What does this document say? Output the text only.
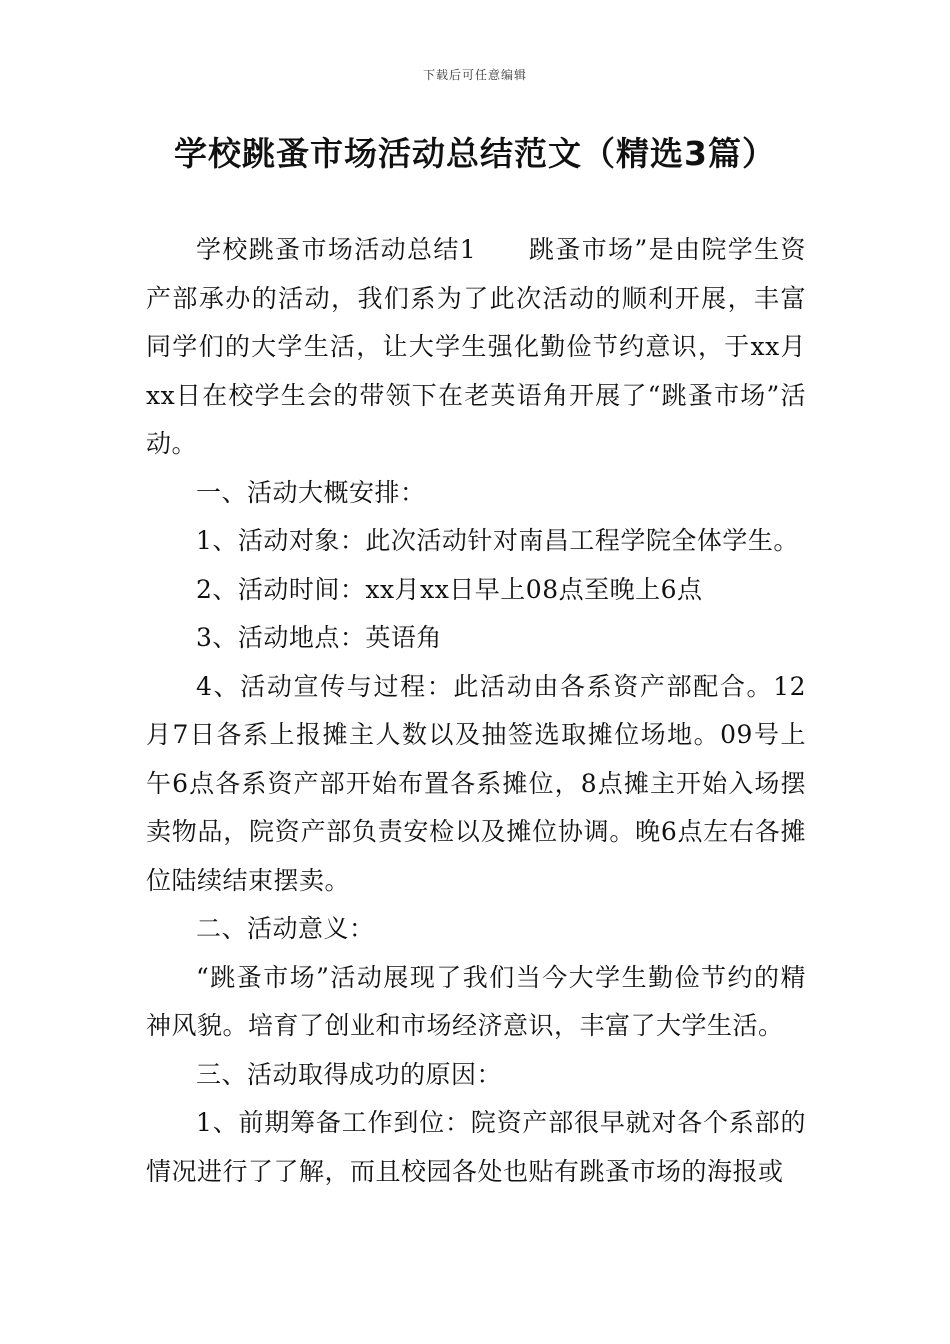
下载后可任意编辑
学校跳蚤市场活动总结范文（精选3篇）

学校跳蚤市场活动总结1 跳蚤市场”是由院学生资产部承办的活动，我们系为了此次活动的顺利开展，丰富同学们的大学生活，让大学生强化勤俭节约意识，于xx月xx日在校学生会的带领下在老英语角开展了“跳蚤市场”活动。

一、活动大概安排：

1、活动对象：此次活动针对南昌工程学院全体学生。

2、活动时间：xx月xx日早上08点至晚上6点

3、活动地点：英语角

4、活动宣传与过程：此活动由各系资产部配合。12月7日各系上报摊主人数以及抽签选取摊位场地。09号上午6点各系资产部开始布置各系摊位，8点摊主开始入场摆卖物品，院资产部负责安检以及摊位协调。晚6点左右各摊位陆续结束摆卖。

二、活动意义：

“跳蚤市场”活动展现了我们当今大学生勤俭节约的精神风貌。培育了创业和市场经济意识，丰富了大学生活。

三、活动取得成功的原因：

1、前期筹备工作到位：院资产部很早就对各个系部的情况进行了了解，而且校园各处也贴有跳蚤市场的海报或
